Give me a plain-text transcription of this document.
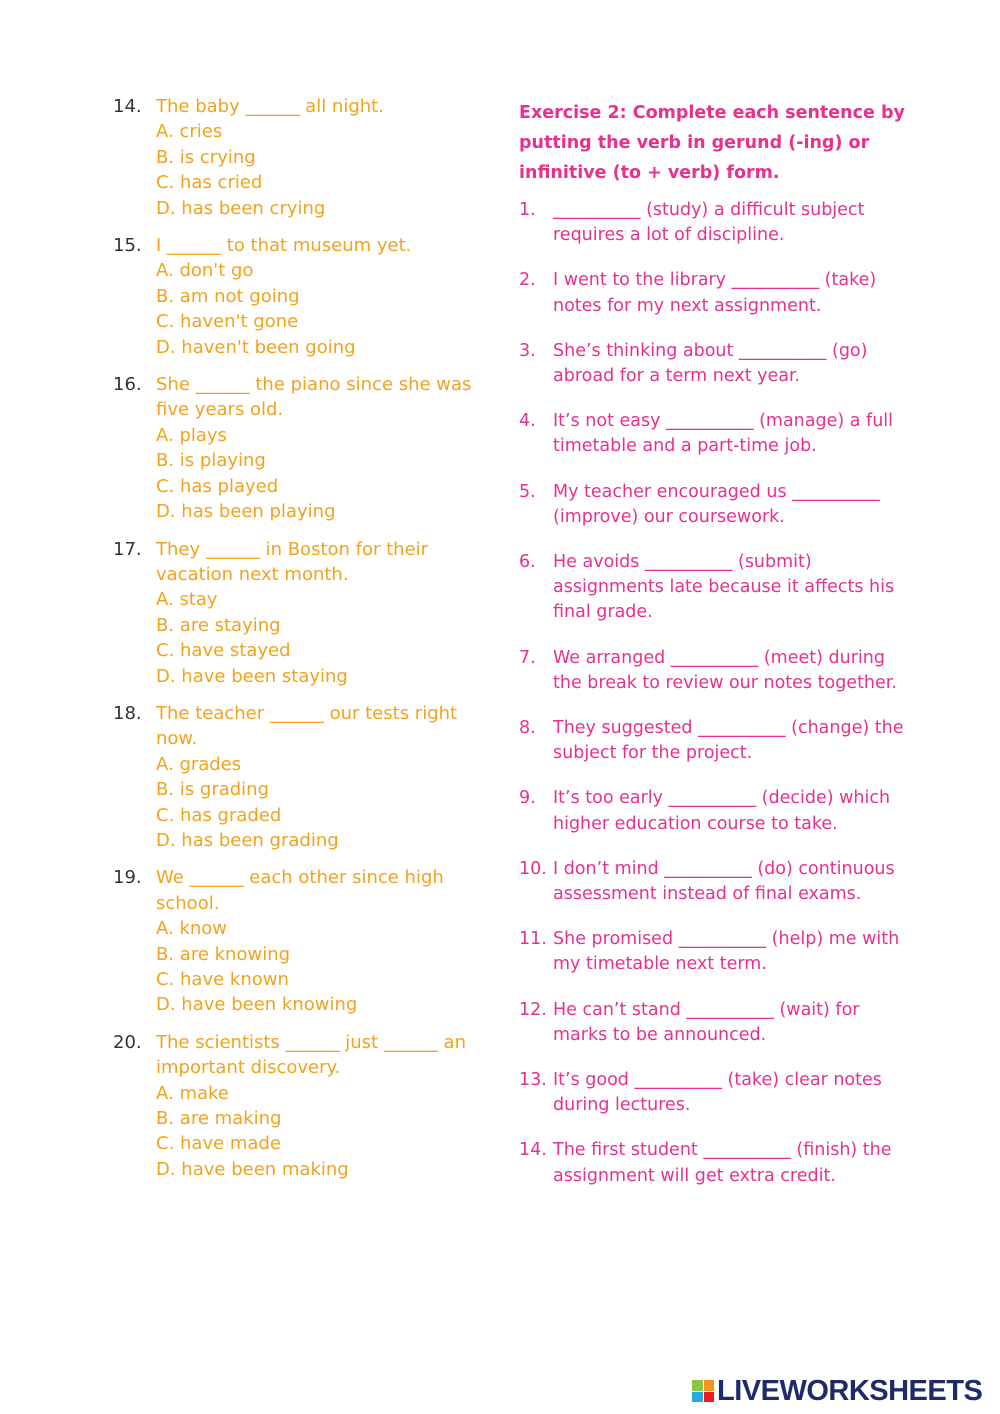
14. The baby ______ all night.
A. cries
B. is crying
C. has cried
D. has been crying
15. I ______ to that museum yet.
A. don't go
B. am not going
C. haven't gone
D. haven't been going
16. She ______ the piano since she was five years old.
A. plays
B. is playing
C. has played
D. has been playing
17. They ______ in Boston for their vacation next month.
A. stay
B. are staying
C. have stayed
D. have been staying
18. The teacher ______ our tests right now.
A. grades
B. is grading
C. has graded
D. has been grading
19. We ______ each other since high school.
A. know
B. are knowing
C. have known
D. have been knowing
20. The scientists ______ just ______ an important discovery.
A. make
B. are making
C. have made
D. have been making
Exercise 2: Complete each sentence by putting the verb in gerund (-ing) or infinitive (to + verb) form.
1. __________ (study) a difficult subject requires a lot of discipline.
2. I went to the library __________ (take) notes for my next assignment.
3. She’s thinking about __________ (go) abroad for a term next year.
4. It’s not easy __________ (manage) a full timetable and a part-time job.
5. My teacher encouraged us __________ (improve) our coursework.
6. He avoids __________ (submit) assignments late because it affects his final grade.
7. We arranged __________ (meet) during the break to review our notes together.
8. They suggested __________ (change) the subject for the project.
9. It’s too early __________ (decide) which higher education course to take.
10. I don’t mind __________ (do) continuous assessment instead of final exams.
11. She promised __________ (help) me with my timetable next term.
12. He can’t stand __________ (wait) for marks to be announced.
13. It’s good __________ (take) clear notes during lectures.
14. The first student __________ (finish) the assignment will get extra credit.
LIVEWORKSHEETS
